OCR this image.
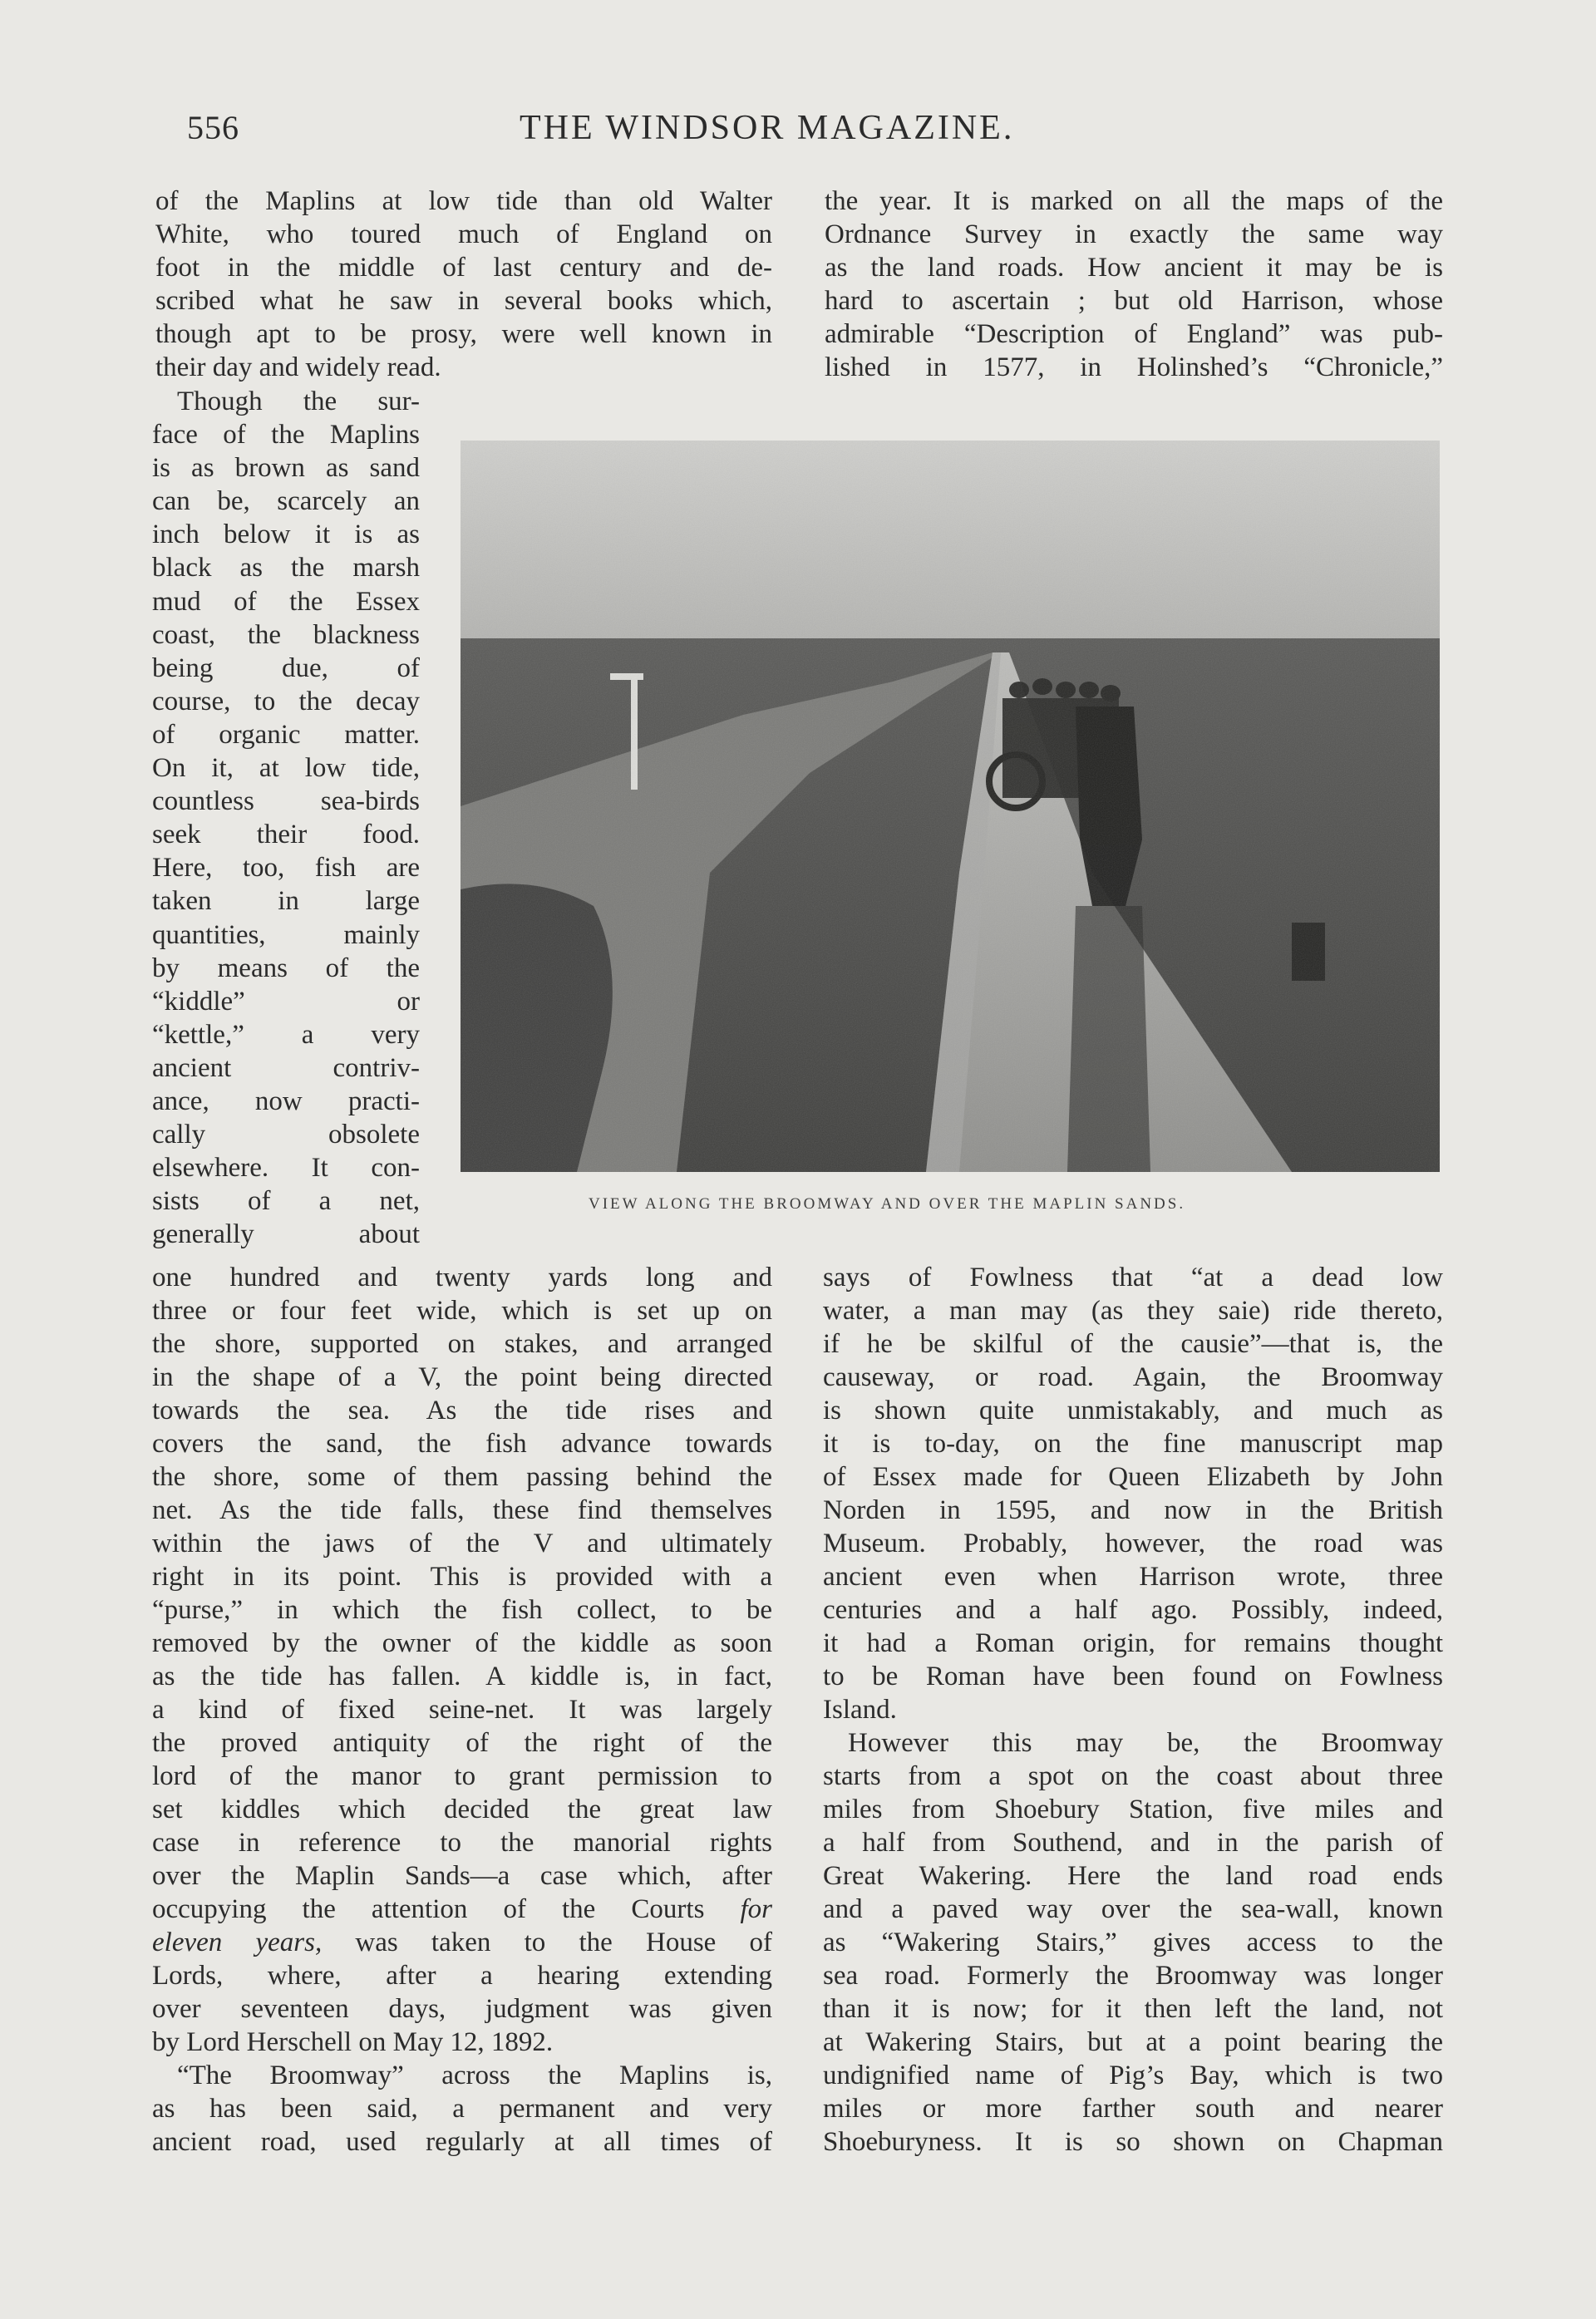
556	THE WINDSOR MAGAZINE.
of the Maplins at low tide than old Walter
White, who toured much of England on
foot in the middle of last century and de-
scribed what he saw in several books which,
though apt to be prosy, were well known in
their day and widely read.
the year. It is marked on all the maps of the
Ordnance Survey in exactly the same way
as the land roads. How ancient it may be is
hard to ascertain ; but old Harrison, whose
admirable “Description of England” was pub-
lished in 1577, in Holinshed’s “Chronicle,”
Though the sur-
face of the Maplins
is as brown as sand
can be, scarcely an
inch below it is as
black as the marsh
mud of the Essex
coast, the blackness
being due, of
course, to the decay
of organic matter.
On it, at low tide,
countless sea-birds
seek their food.
Here, too, fish are
taken in large
quantities, mainly
by means of the
“kiddle” or
“kettle,” a very
ancient contriv-
ance, now practi-
cally obsolete
elsewhere. It con-
sists of a net,
generally about
VIEW ALONG THE BROOMWAY AND OVER THE MAPLIN SANDS.
one hundred and twenty yards long and
three or four feet wide, which is set up on
the shore, supported on stakes, and arranged
in the shape of a V, the point being directed
towards the sea. As the tide rises and
covers the sand, the fish advance towards
the shore, some of them passing behind the
net. As the tide falls, these find themselves
within the jaws of the V and ultimately
right in its point. This is provided with a
“purse,” in which the fish collect, to be
removed by the owner of the kiddle as soon
as the tide has fallen. A kiddle is, in fact,
a kind of fixed seine-net. It was largely
the proved antiquity of the right of the
lord of the manor to grant permission to
set kiddles which decided the great law
case in reference to the manorial rights
over the Maplin Sands—a case which, after
occupying the attention of the Courts for
eleven years, was taken to the House of
Lords, where, after a hearing extending
over seventeen days, judgment was given
by Lord Herschell on May 12, 1892.
“The Broomway” across the Maplins is,
as has been said, a permanent and very
ancient road, used regularly at all times of
says of Fowlness that “at a dead low
water, a man may (as they saie) ride thereto,
if he be skilful of the causie”—that is, the
causeway, or road. Again, the Broomway
is shown quite unmistakably, and much as
it is to-day, on the fine manuscript map
of Essex made for Queen Elizabeth by John
Norden in 1595, and now in the British
Museum. Probably, however, the road was
ancient even when Harrison wrote, three
centuries and a half ago. Possibly, indeed,
it had a Roman origin, for remains thought
to be Roman have been found on Fowlness
Island.
However this may be, the Broomway
starts from a spot on the coast about three
miles from Shoebury Station, five miles and
a half from Southend, and in the parish of
Great Wakering. Here the land road ends
and a paved way over the sea-wall, known
as “Wakering Stairs,” gives access to the
sea road. Formerly the Broomway was longer
than it is now; for it then left the land, not
at Wakering Stairs, but at a point bearing the
undignified name of Pig’s Bay, which is two
miles or more farther south and nearer
Shoeburyness. It is so shown on Chapman
